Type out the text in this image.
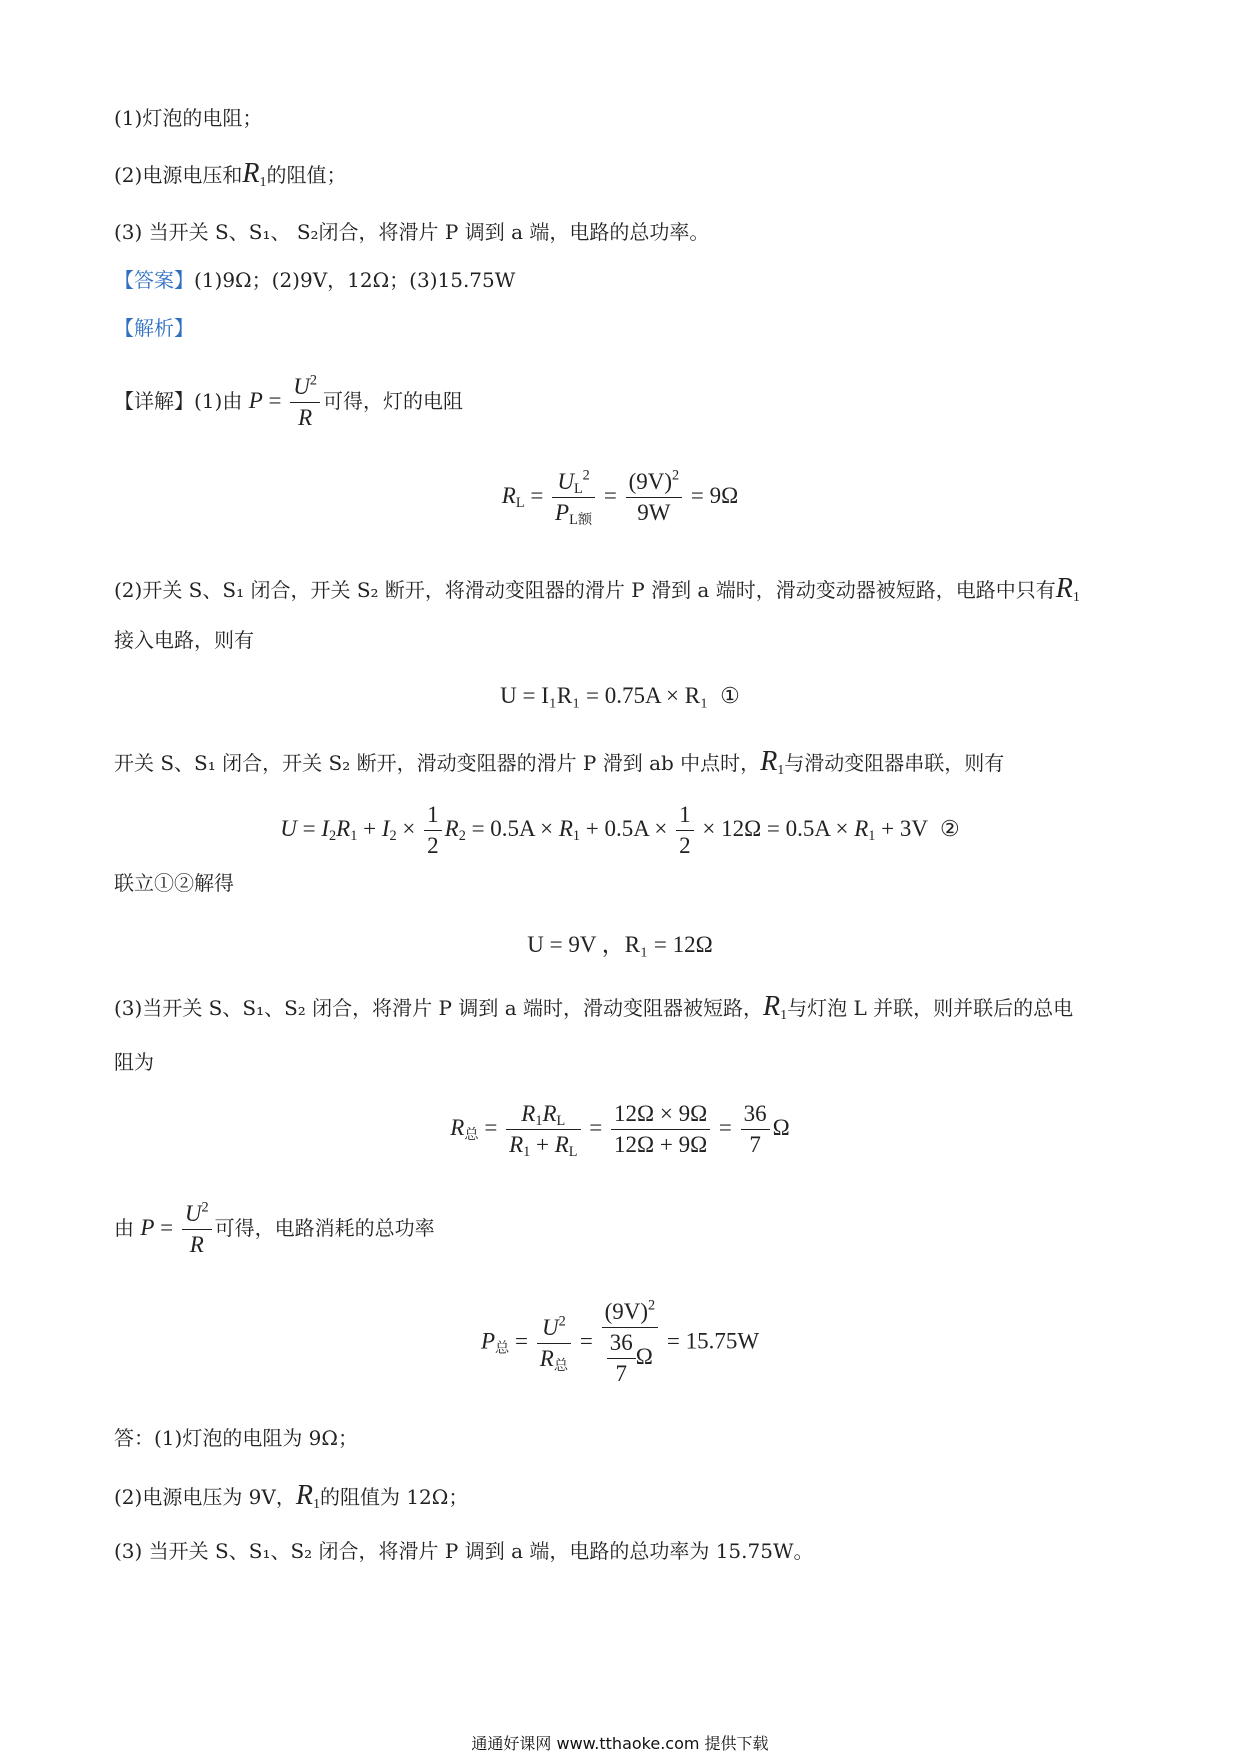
(1)灯泡的电阻；
(2)电源电压和$R_1$的阻值；
(3) 当开关 S、S₁、 S₂闭合，将滑片 P 调到 a 端，电路的总功率。
【答案】(1)9Ω；(2)9V，12Ω；(3)15.75W
【解析】
【详解】(1)由 $P = \frac{U^2}{R}$ 可得，灯的电阻
$R_L = \frac{U_L^2}{P_{L额}} = \frac{(9V)^2}{9W} = 9\Omega$
(2)开关 S、S₁ 闭合，开关 S₂ 断开，将滑动变阻器的滑片 P 滑到 a 端时，滑动变动器被短路，电路中只有$R_1$
接入电路，则有
U = I₁R₁ = 0.75A × R₁ ①
开关 S、S₁ 闭合，开关 S₂ 断开，滑动变阻器的滑片 P 滑到 ab 中点时，$R_1$与滑动变阻器串联，则有
$U = I_2R_1 + I_2 \times \frac{1}{2} R_2 = 0.5A \times R_1 + 0.5A \times \frac{1}{2} \times 12\Omega = 0.5A \times R_1 + 3V$ ②
联立①②解得
U = 9V ，R₁ = 12Ω
(3)当开关 S、S₁、S₂ 闭合，将滑片 P 调到 a 端时，滑动变阻器被短路，$R_1$与灯泡 L 并联，则并联后的总电
阻为
$R_总 = \frac{R_1R_L}{R_1 + R_L} = \frac{12\Omega \times 9\Omega}{12\Omega + 9\Omega} = \frac{36}{7}$ Ω
由 $P = \frac{U^2}{R}$ 可得，电路消耗的总功率
$P_总 = \frac{U^2}{R_总} = \frac{(9V)^2}{\frac{36}{7} \Omega} = 15.75W$
答：(1)灯泡的电阻为 9Ω；
(2)电源电压为 9V，$R_1$的阻值为 12Ω；
(3) 当开关 S、S₁、S₂ 闭合，将滑片 P 调到 a 端，电路的总功率为 15.75W。
通通好课网 www.tthaoke.com 提供下载
